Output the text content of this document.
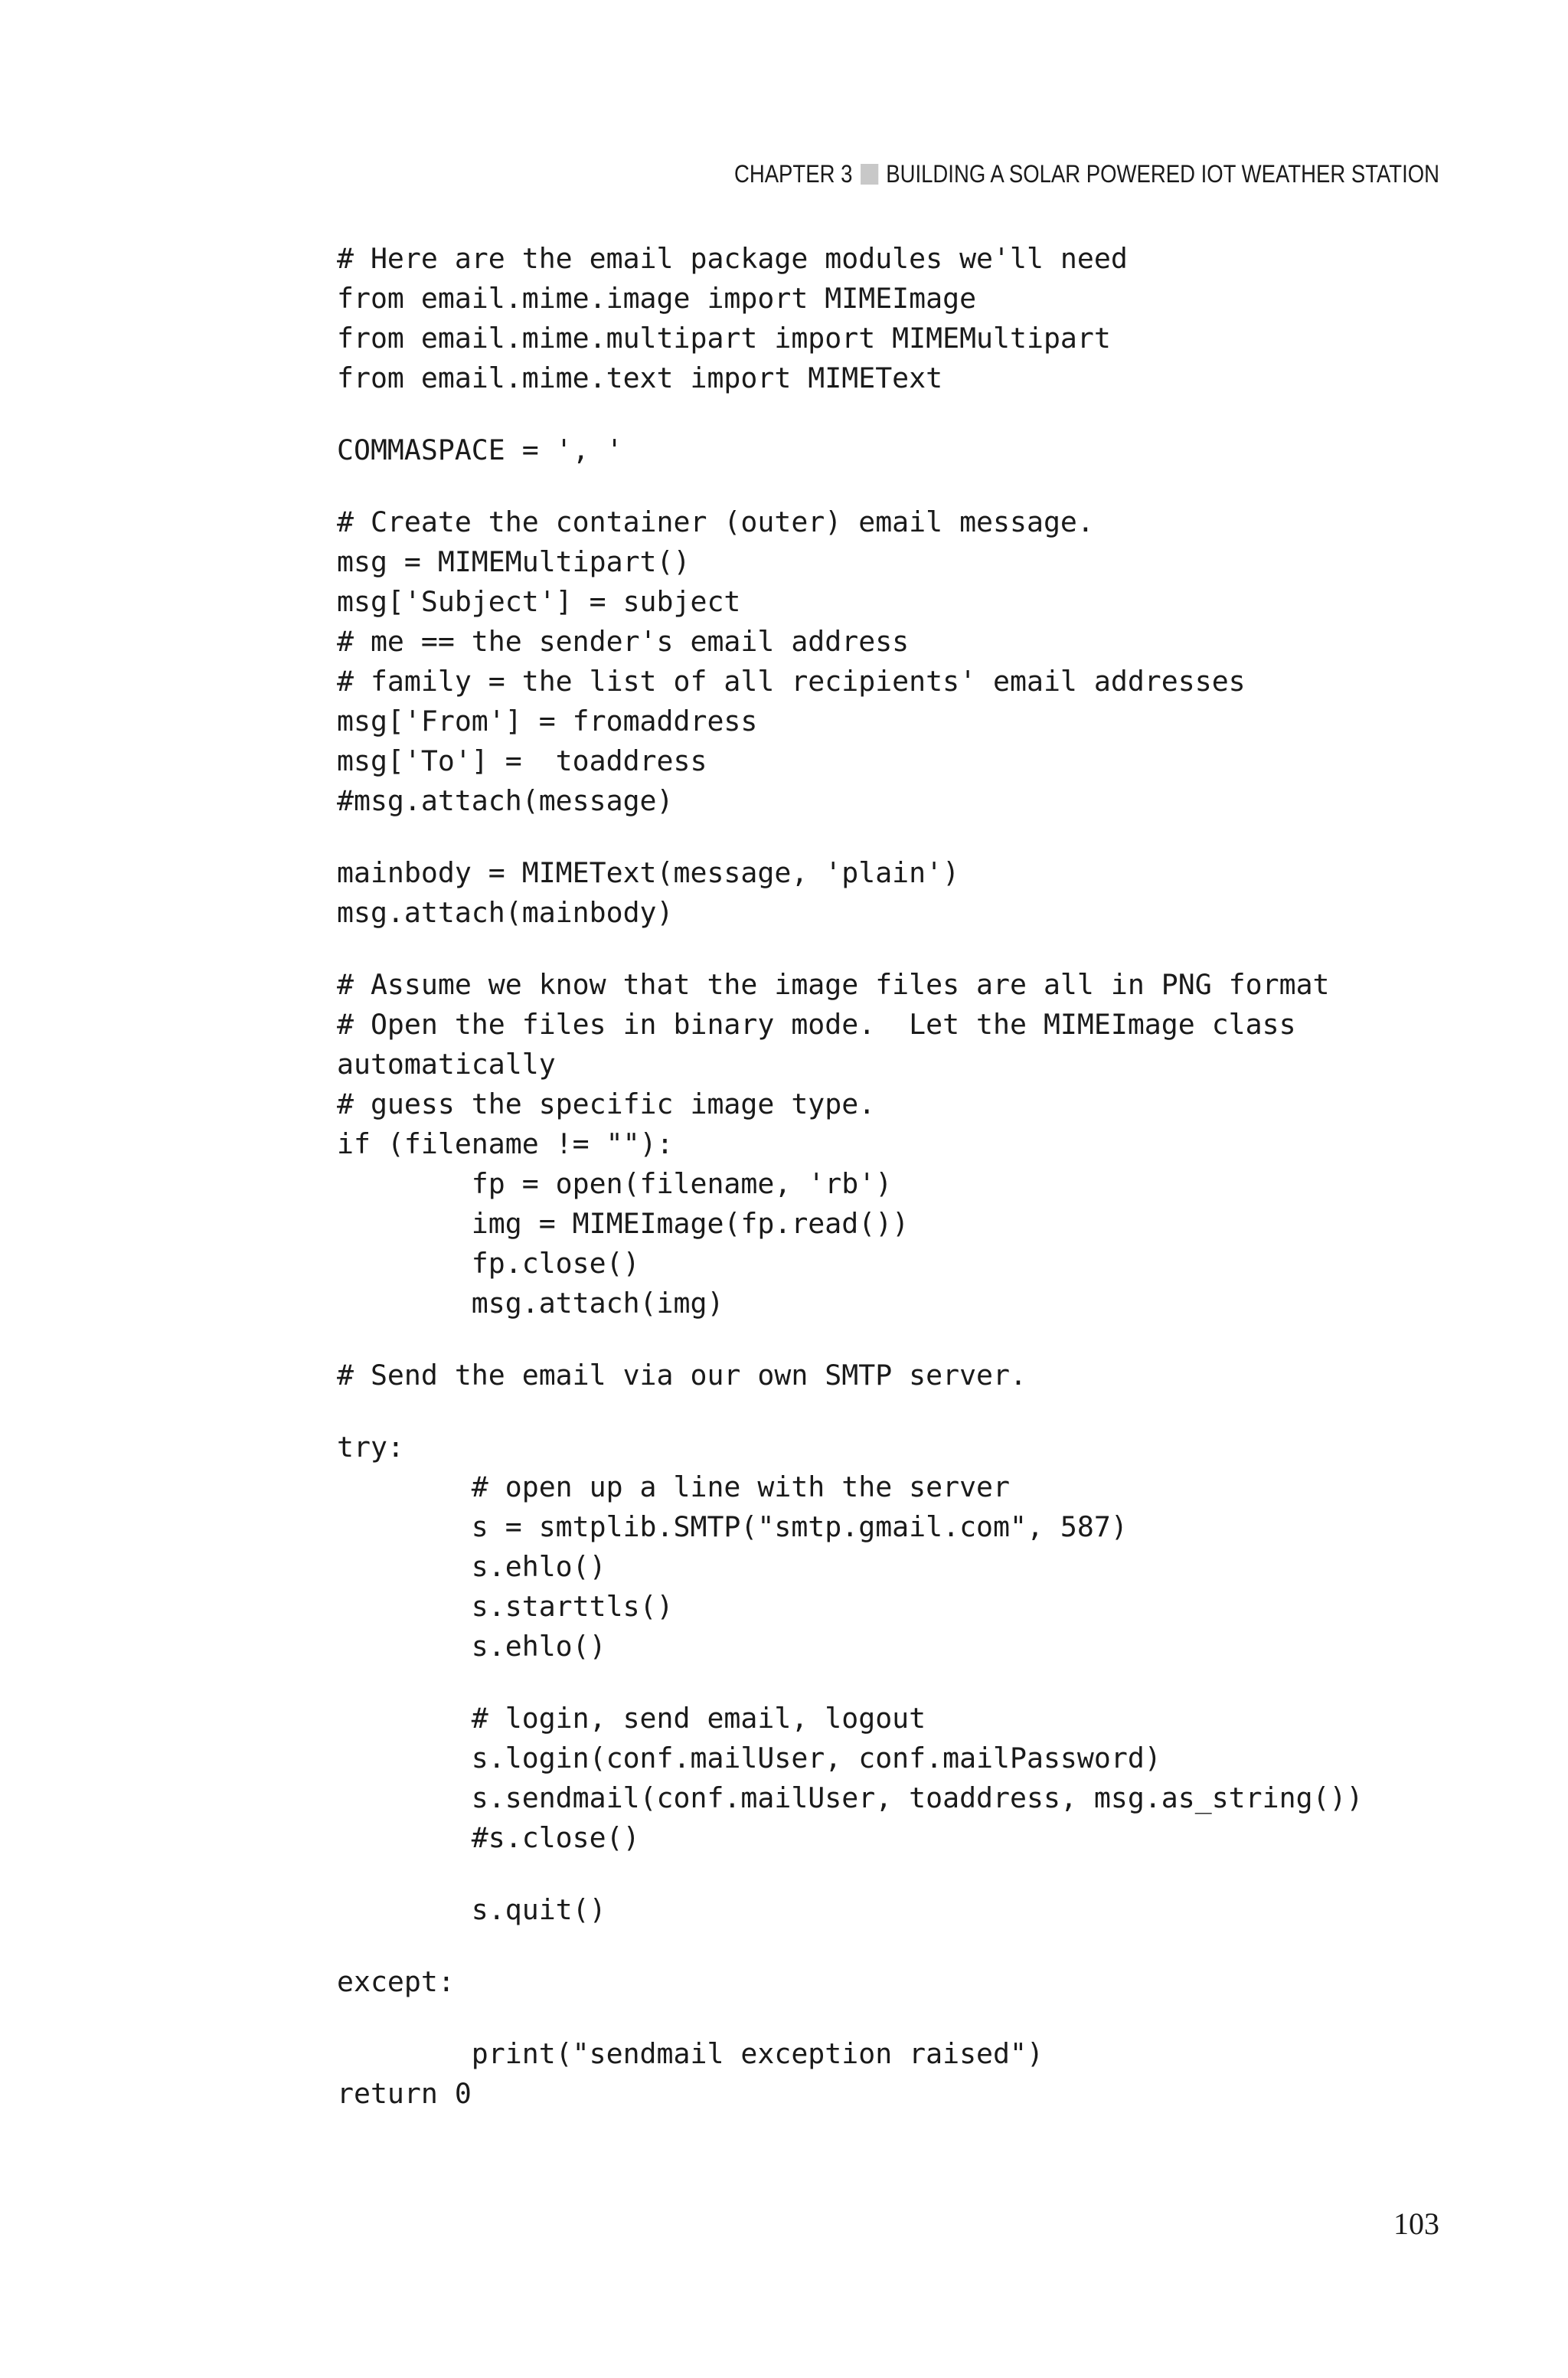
CHAPTER 3 BUILDING A SOLAR POWERED IOT WEATHER STATION
# Here are the email package modules we'll need
from email.mime.image import MIMEImage
from email.mime.multipart import MIMEMultipart
from email.mime.text import MIMEText
COMMASPACE = ', '
# Create the container (outer) email message.
msg = MIMEMultipart()
msg['Subject'] = subject
# me == the sender's email address
# family = the list of all recipients' email addresses
msg['From'] = fromaddress
msg['To'] =  toaddress
#msg.attach(message)
mainbody = MIMEText(message, 'plain')
msg.attach(mainbody)
# Assume we know that the image files are all in PNG format
# Open the files in binary mode.  Let the MIMEImage class
automatically
# guess the specific image type.
if (filename != ""):
fp = open(filename, 'rb')
img = MIMEImage(fp.read())
fp.close()
msg.attach(img)
# Send the email via our own SMTP server.
try:
# open up a line with the server
s = smtplib.SMTP("smtp.gmail.com", 587)
s.ehlo()
s.starttls()
s.ehlo()
# login, send email, logout
s.login(conf.mailUser, conf.mailPassword)
s.sendmail(conf.mailUser, toaddress, msg.as_string())
#s.close()
s.quit()
except:
print("sendmail exception raised")
return 0
103
